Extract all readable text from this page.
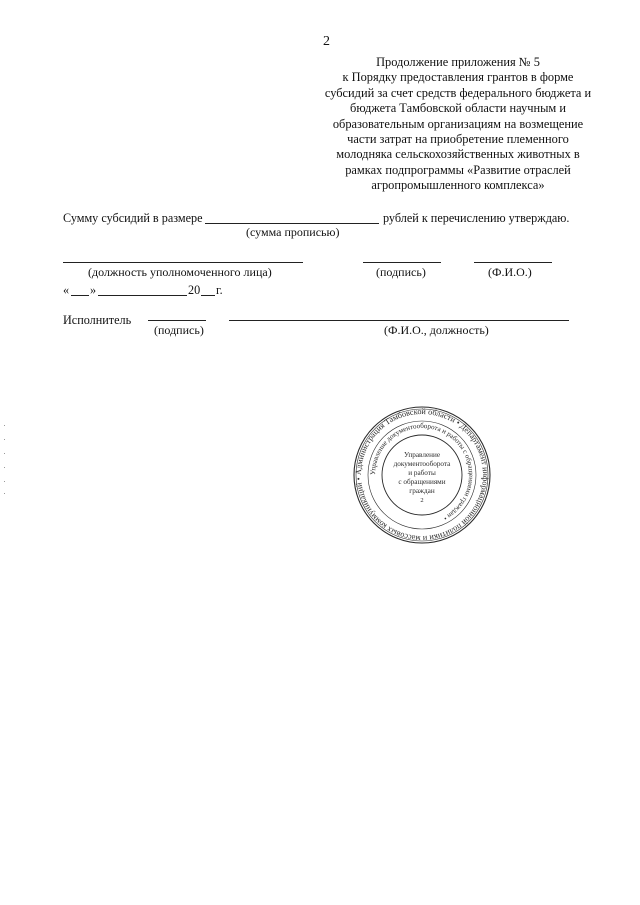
2
Продолжение приложения № 5
к Порядку предоставления грантов в форме
субсидий за счет средств федерального бюджета и
бюджета Тамбовской области научным и
образовательным организациям на возмещение
части затрат на приобретение племенного
молодняка сельскохозяйственных животных в
рамках подпрограммы «Развитие отраслей
агропромышленного комплекса»
Сумму субсидий в размере	рублей к перечислению утверждаю.
(сумма прописью)
(должность уполномоченного лица)	(подпись)	(Ф.И.О.)
« »	20 г.
Исполнитель
(подпись)	(Ф.И.О., должность)
Администрация Тамбовской области • Департамент информационной политики и массовых коммуникаций •
Управление документооборота и работы с обращениями граждан •
Управление
документооборота
и работы
с обращениями
граждан
2
